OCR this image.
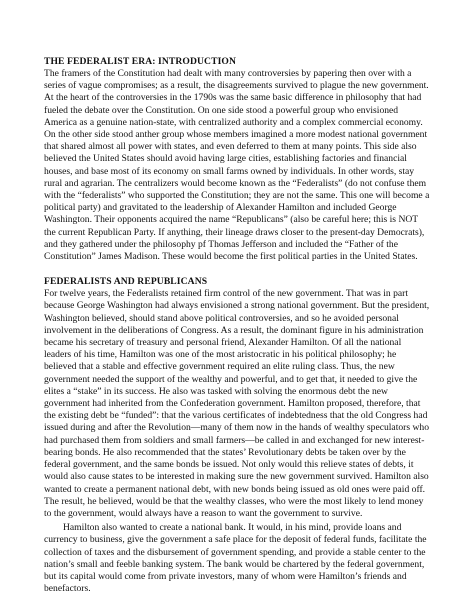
THE FEDERALIST ERA: INTRODUCTION

The framers of the Constitution had dealt with many controversies by papering then over with a series of vague compromises; as a result, the disagreements survived to plague the new government. At the heart of the controversies in the 1790s was the same basic difference in philosophy that had fueled the debate over the Constitution. On one side stood a powerful group who envisioned America as a genuine nation-state, with centralized authority and a complex commercial economy. On the other side stood anther group whose members imagined a more modest national government that shared almost all power with states, and even deferred to them at many points. This side also believed the United States should avoid having large cities, establishing factories and financial houses, and base most of its economy on small farms owned by individuals. In other words, stay rural and agrarian. The centralizers would become known as the “Federalists” (do not confuse them with the “federalists” who supported the Constitution; they are not the same. This one will become a political party) and gravitated to the leadership of Alexander Hamilton and included George Washington. Their opponents acquired the name “Republicans” (also be careful here; this is NOT the current Republican Party. If anything, their lineage draws closer to the present-day Democrats), and they gathered under the philosophy pf Thomas Jefferson and included the “Father of the Constitution” James Madison. These would become the first political parties in the United States.

FEDERALISTS AND REPUBLICANS

For twelve years, the Federalists retained firm control of the new government. That was in part because George Washington had always envisioned a strong national government. But the president, Washington believed, should stand above political controversies, and so he avoided personal involvement in the deliberations of Congress. As a result, the dominant figure in his administration became his secretary of treasury and personal friend, Alexander Hamilton. Of all the national leaders of his time, Hamilton was one of the most aristocratic in his political philosophy; he believed that a stable and effective government required an elite ruling class. Thus, the new government needed the support of the wealthy and powerful, and to get that, it needed to give the elites a “stake” in its success. He also was tasked with solving the enormous debt the new government had inherited from the Confederation government. Hamilton proposed, therefore, that the existing debt be “funded”: that the various certificates of indebtedness that the old Congress had issued during and after the Revolution—many of them now in the hands of wealthy speculators who had purchased them from soldiers and small farmers—be called in and exchanged for new interest-bearing bonds. He also recommended that the states’ Revolutionary debts be taken over by the federal government, and the same bonds be issued. Not only would this relieve states of debts, it would also cause states to be interested in making sure the new government survived. Hamilton also wanted to create a permanent national debt, with new bonds being issued as old ones were paid off. The result, he believed, would be that the wealthy classes, who were the most likely to lend money to the government, would always have a reason to want the government to survive.

Hamilton also wanted to create a national bank. It would, in his mind, provide loans and currency to business, give the government a safe place for the deposit of federal funds, facilitate the collection of taxes and the disbursement of government spending, and provide a stable center to the nation’s small and feeble banking system. The bank would be chartered by the federal government, but its capital would come from private investors, many of whom were Hamilton’s friends and benefactors.
